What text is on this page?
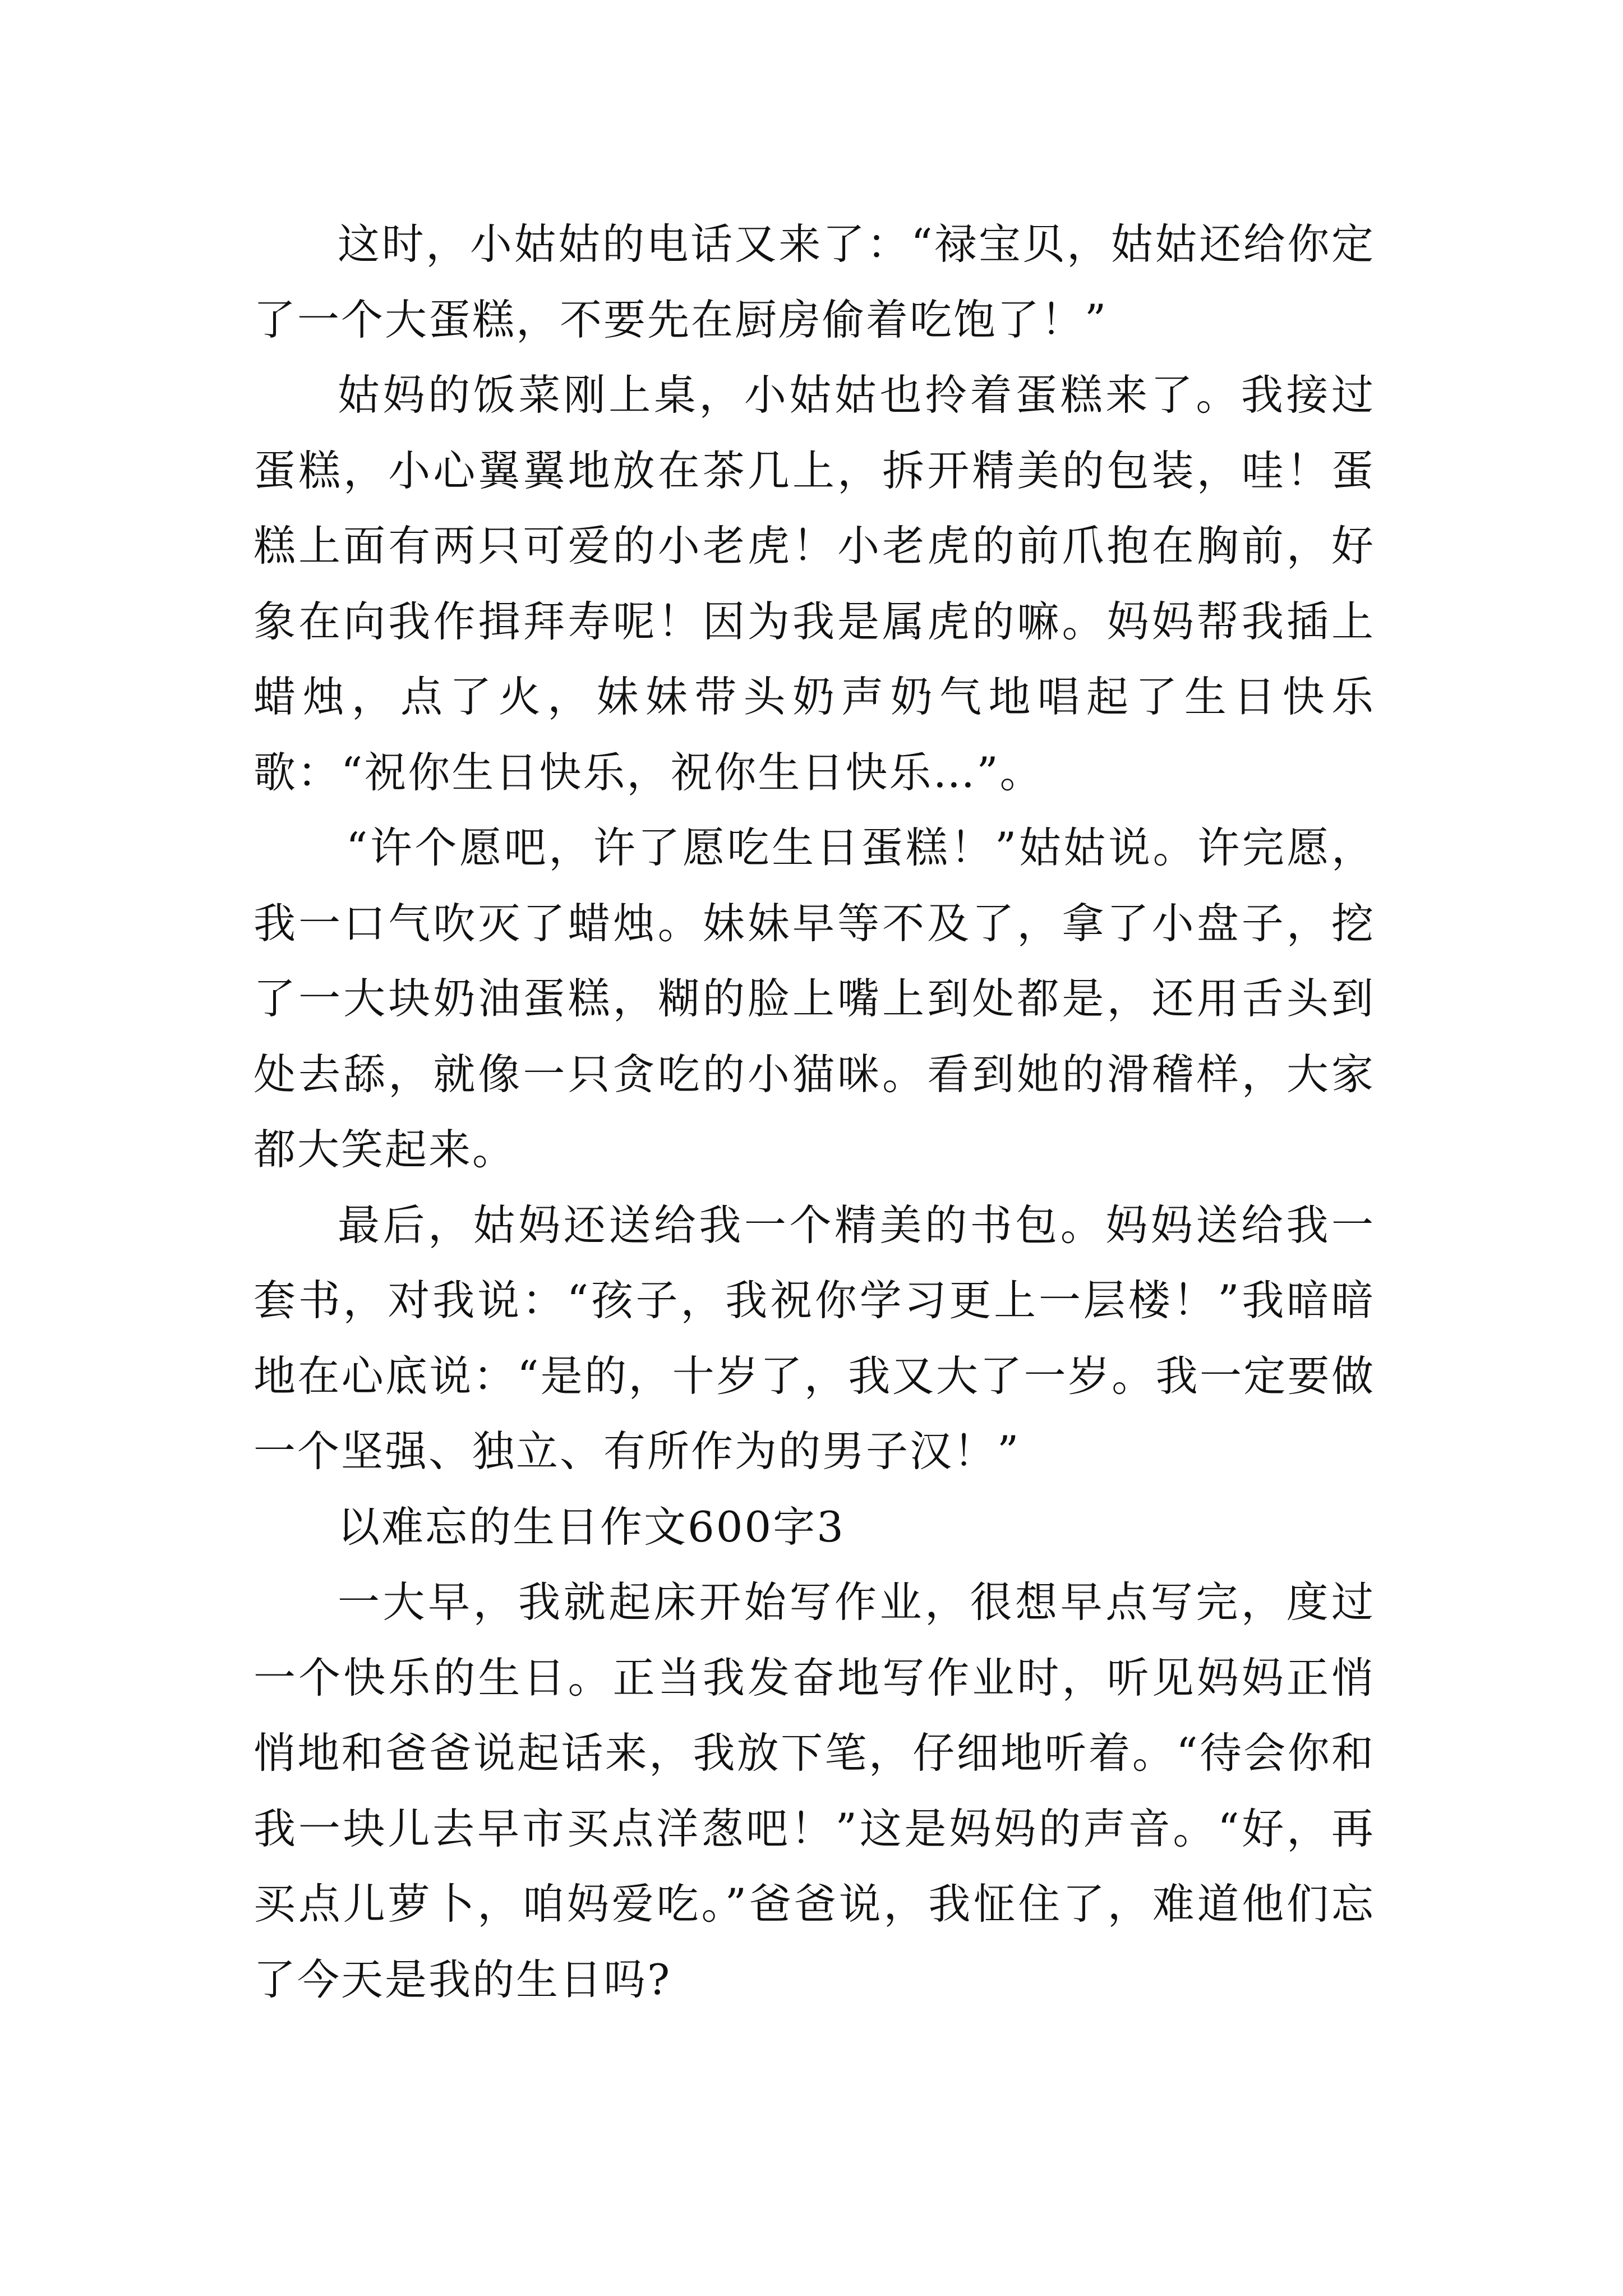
这时，小姑姑的电话又来了：“禄宝贝，姑姑还给你定了一个大蛋糕，不要先在厨房偷着吃饱了！”

姑妈的饭菜刚上桌，小姑姑也拎着蛋糕来了。我接过蛋糕，小心翼翼地放在茶几上，拆开精美的包装，哇！蛋糕上面有两只可爱的小老虎！小老虎的前爪抱在胸前，好象在向我作揖拜寿呢！因为我是属虎的嘛。妈妈帮我插上蜡烛，点了火，妹妹带头奶声奶气地唱起了生日快乐歌：“祝你生日快乐，祝你生日快乐…”。

“许个愿吧，许了愿吃生日蛋糕！”姑姑说。许完愿，我一口气吹灭了蜡烛。妹妹早等不及了，拿了小盘子，挖了一大块奶油蛋糕，糊的脸上嘴上到处都是，还用舌头到处去舔，就像一只贪吃的小猫咪。看到她的滑稽样，大家都大笑起来。

最后，姑妈还送给我一个精美的书包。妈妈送给我一套书，对我说：“孩子，我祝你学习更上一层楼！”我暗暗地在心底说：“是的，十岁了，我又大了一岁。我一定要做一个坚强、独立、有所作为的男子汉！”

以难忘的生日作文600字3

一大早，我就起床开始写作业，很想早点写完，度过一个快乐的生日。正当我发奋地写作业时，听见妈妈正悄悄地和爸爸说起话来，我放下笔，仔细地听着。“待会你和我一块儿去早市买点洋葱吧！”这是妈妈的声音。“好，再买点儿萝卜，咱妈爱吃。”爸爸说，我怔住了，难道他们忘了今天是我的生日吗?
